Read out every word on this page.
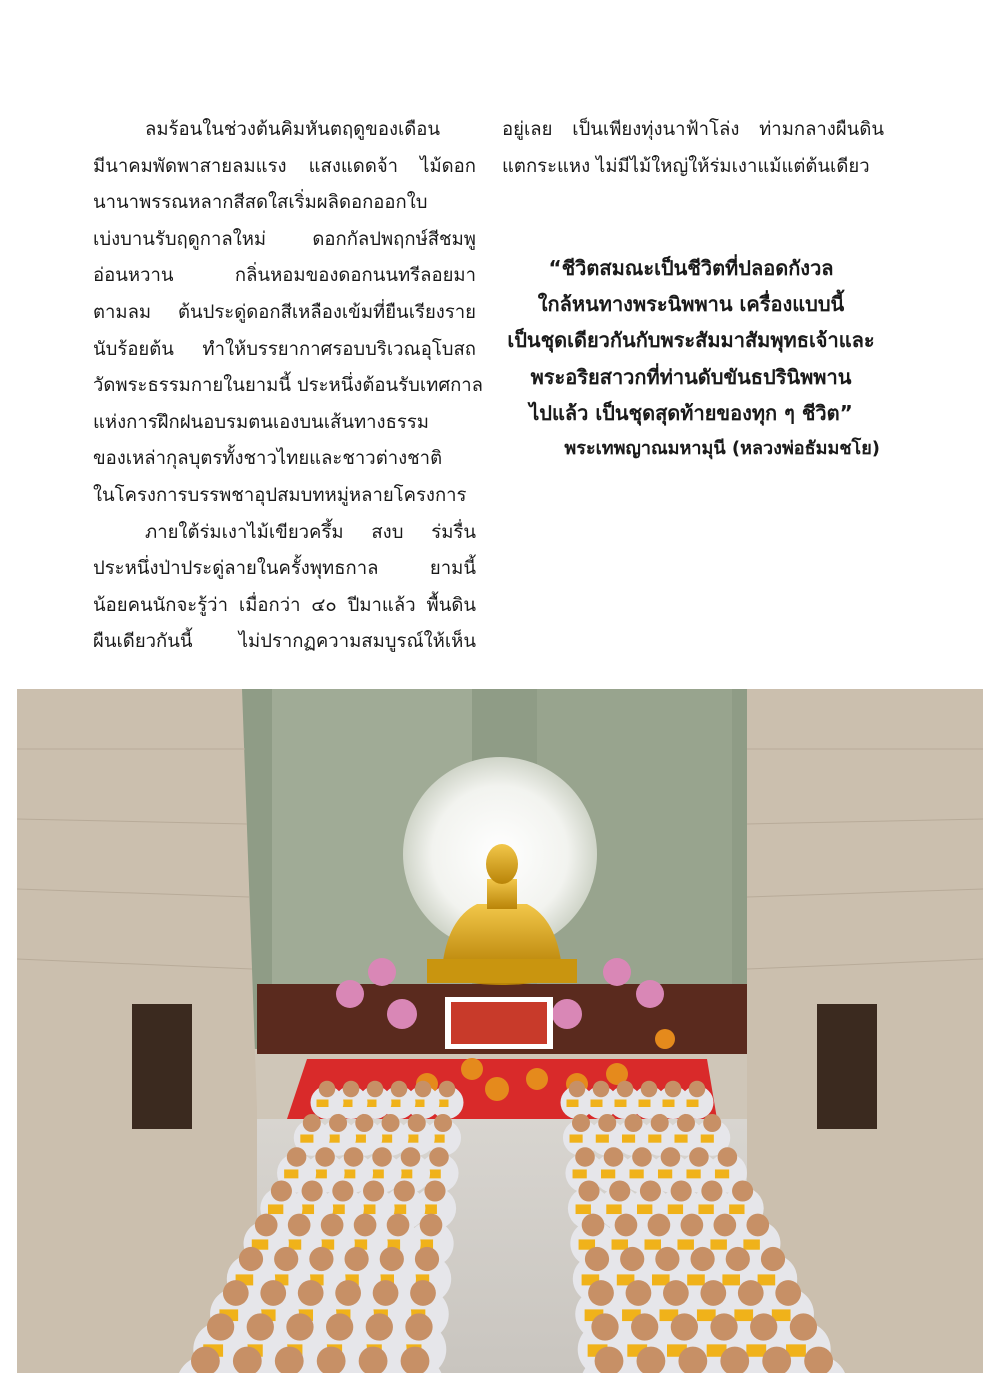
ลมร้อนในช่วงต้นคิมหันตฤดูของเดือน
มีนาคมพัดพาสายลมแรง แสงแดดจ้า ไม้ดอก
นานาพรรณหลากสีสดใสเริ่มผลิดอกออกใบ
เบ่งบานรับฤดูกาลใหม่ ดอกกัลปพฤกษ์สีชมพู
อ่อนหวาน กลิ่นหอมของดอกนนทรีลอยมา
ตามลม ต้นประดู่ดอกสีเหลืองเข้มที่ยืนเรียงราย
นับร้อยต้น ทำให้บรรยากาศรอบบริเวณอุโบสถ
วัดพระธรรมกายในยามนี้ ประหนึ่งต้อนรับเทศกาล
แห่งการฝึกฝนอบรมตนเองบนเส้นทางธรรม
ของเหล่ากุลบุตรทั้งชาวไทยและชาวต่างชาติ
ในโครงการบรรพชาอุปสมบทหมู่หลายโครงการ

ภายใต้ร่มเงาไม้เขียวครึ้ม สงบ ร่มรื่น
ประหนึ่งป่าประดู่ลายในครั้งพุทธกาล ยามนี้
น้อยคนนักจะรู้ว่า เมื่อกว่า ๔๐ ปีมาแล้ว พื้นดิน
ผืนเดียวกันนี้ ไม่ปรากฏความสมบูรณ์ให้เห็น

อยู่เลย เป็นเพียงทุ่งนาฟ้าโล่ง ท่ามกลางผืนดิน
แตกระแหง ไม่มีไม้ใหญ่ให้ร่มเงาแม้แต่ต้นเดียว

“ชีวิตสมณะเป็นชีวิตที่ปลอดกังวล
ใกล้หนทางพระนิพพาน เครื่องแบบนี้
เป็นชุดเดียวกันกับพระสัมมาสัมพุทธเจ้าและ
พระอริยสาวกที่ท่านดับขันธปรินิพพาน
ไปแล้ว เป็นชุดสุดท้ายของทุก ๆ ชีวิต”
พระเทพญาณมหามุนี (หลวงพ่อธัมมชโย)
